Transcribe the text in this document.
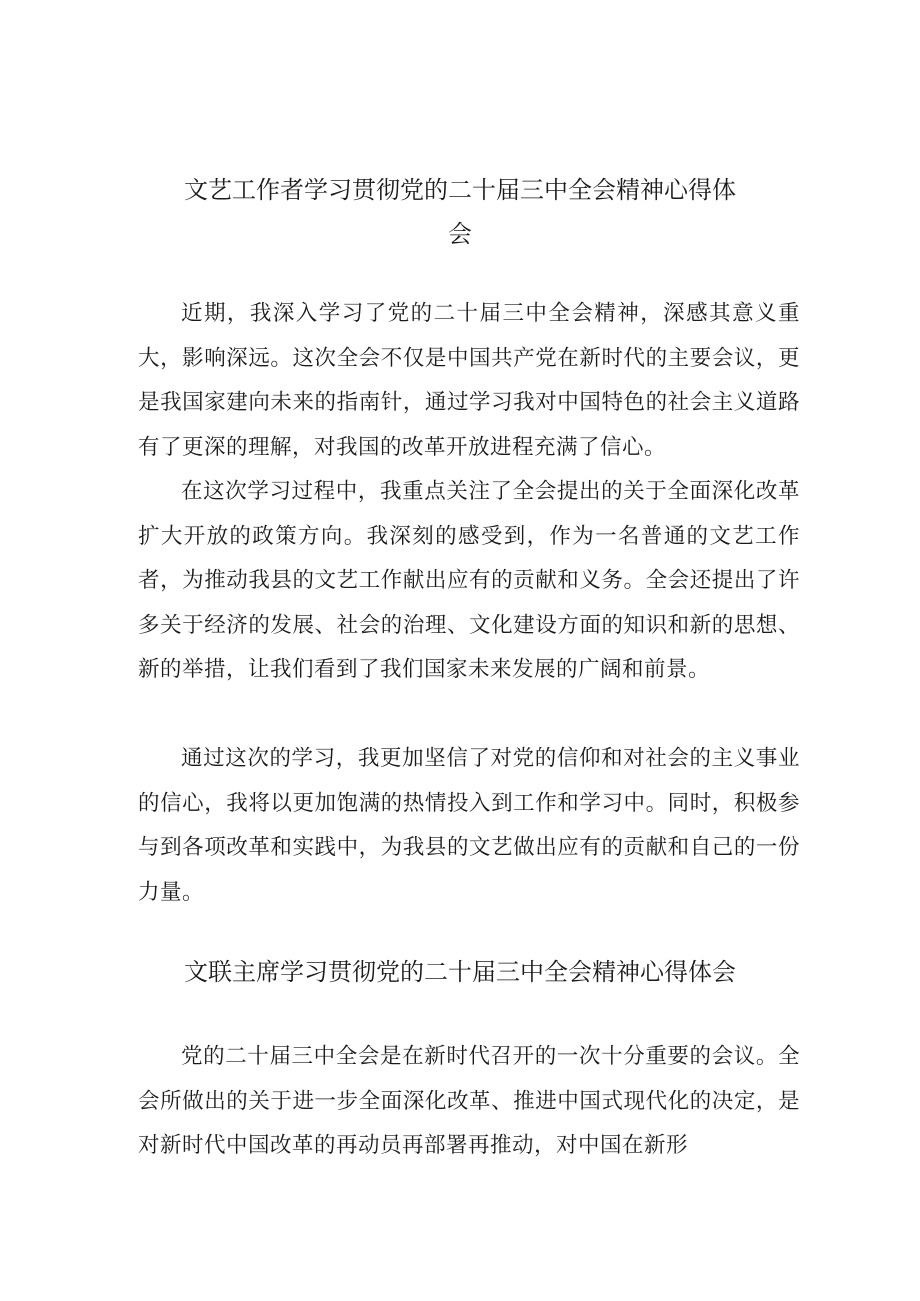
文艺工作者学习贯彻党的二十届三中全会精神心得体
会

近期，我深入学习了党的二十届三中全会精神，深感其意义重大，影响深远。这次全会不仅是中国共产党在新时代的主要会议，更是我国家建向未来的指南针，通过学习我对中国特色的社会主义道路有了更深的理解，对我国的改革开放进程充满了信心。

在这次学习过程中，我重点关注了全会提出的关于全面深化改革扩大开放的政策方向。我深刻的感受到，作为一名普通的文艺工作者，为推动我县的文艺工作献出应有的贡献和义务。全会还提出了许多关于经济的发展、社会的治理、文化建设方面的知识和新的思想、新的举措，让我们看到了我们国家未来发展的广阔和前景。

通过这次的学习，我更加坚信了对党的信仰和对社会的主义事业的信心，我将以更加饱满的热情投入到工作和学习中。同时，积极参与到各项改革和实践中，为我县的文艺做出应有的贡献和自己的一份力量。

文联主席学习贯彻党的二十届三中全会精神心得体会

党的二十届三中全会是在新时代召开的一次十分重要的会议。全会所做出的关于进一步全面深化改革、推进中国式现代化的决定，是对新时代中国改革的再动员再部署再推动，对中国在新形
